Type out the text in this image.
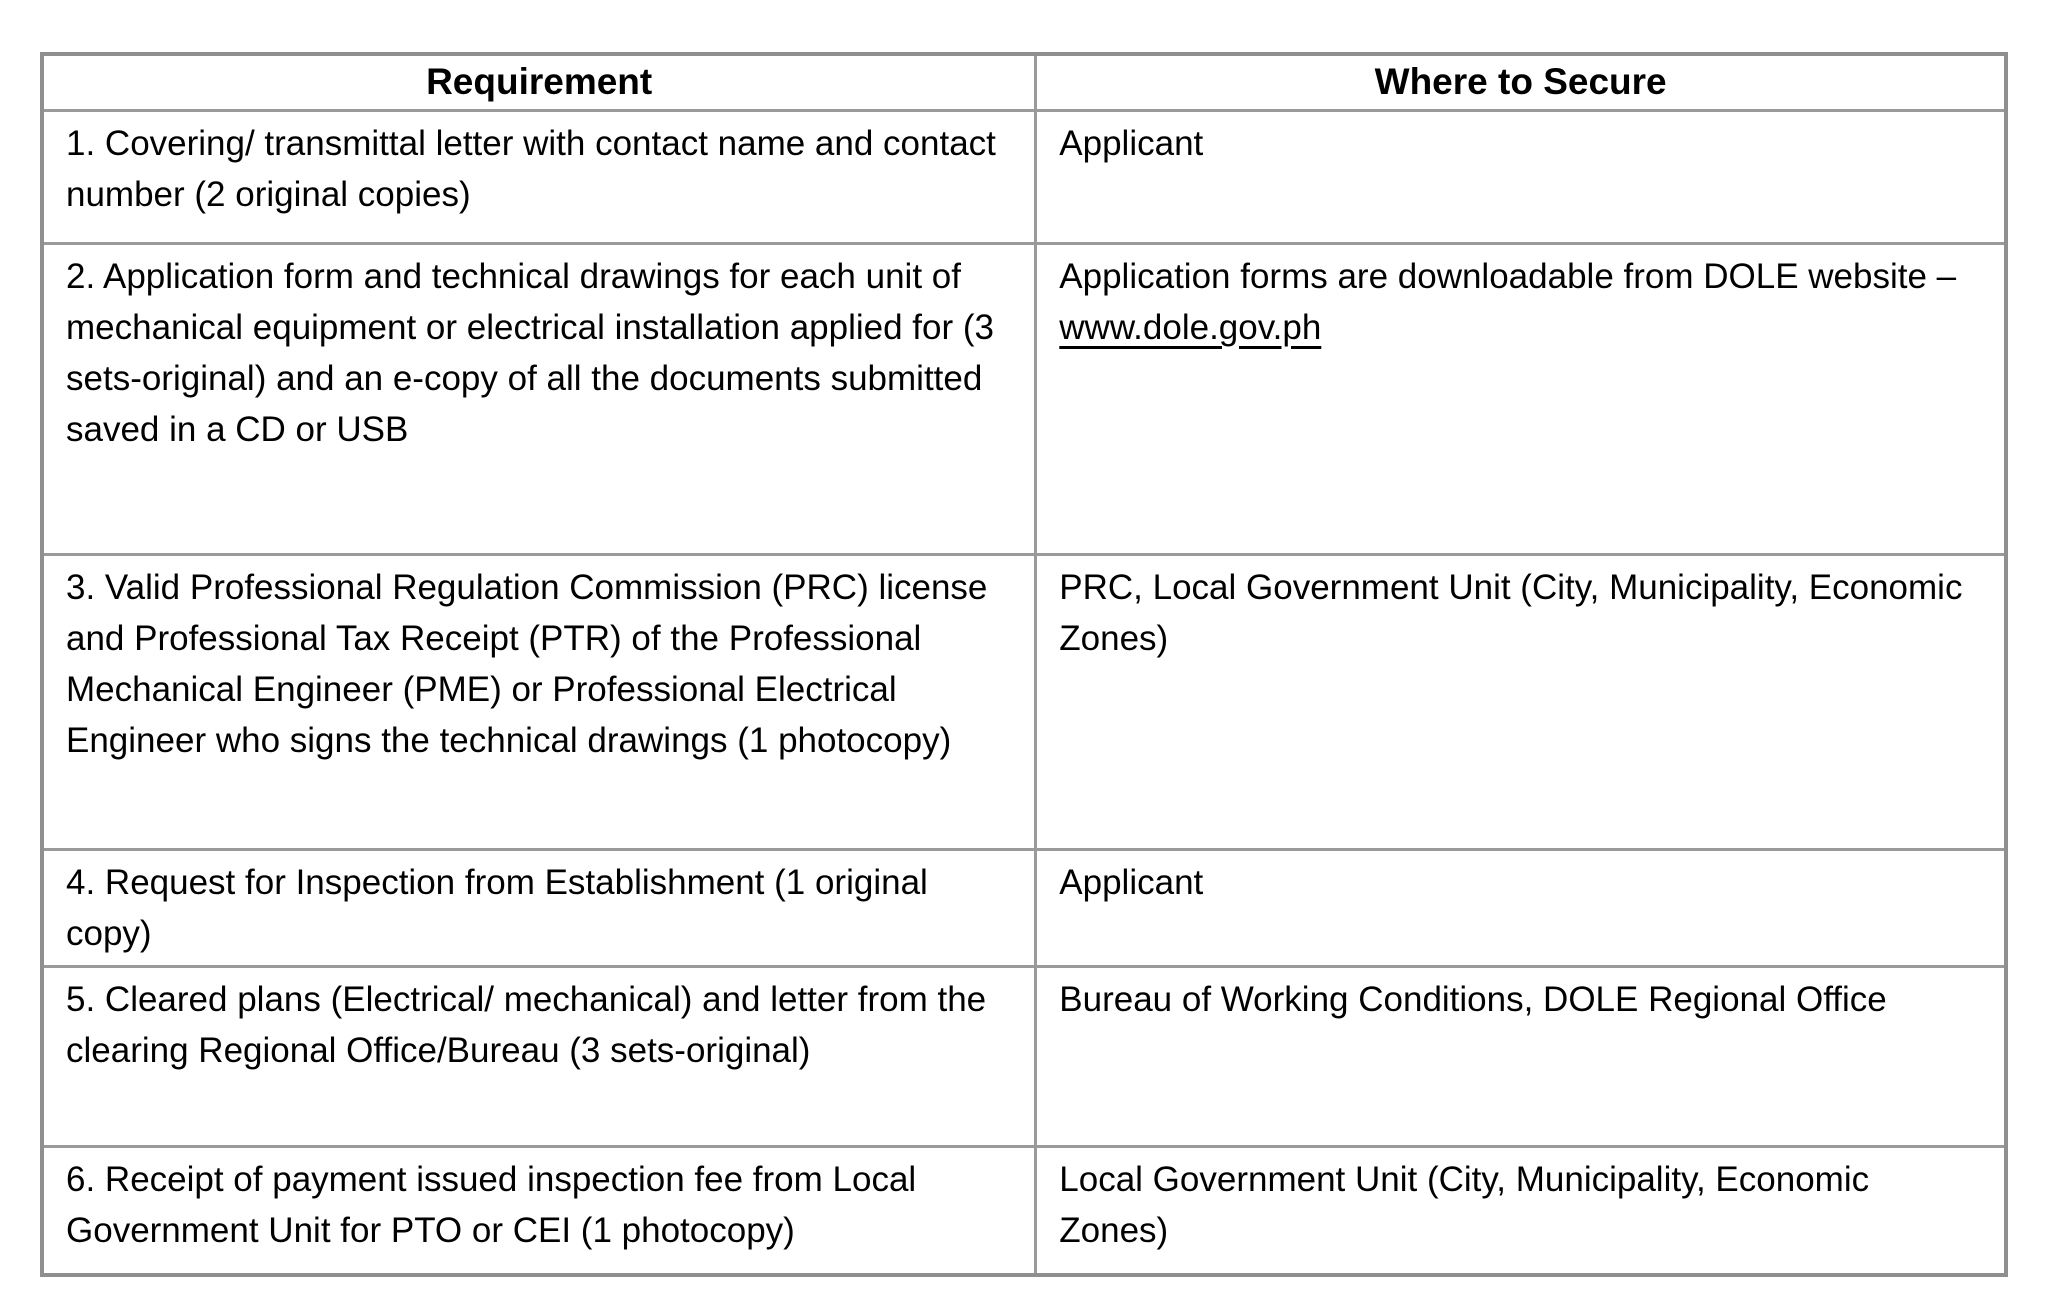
Requirement	Where to Secure
1. Covering/ transmittal letter with contact name and contact number (2 original copies)	Applicant
2. Application form and technical drawings for each unit of  mechanical equipment or electrical installation applied for (3 sets-original) and an e-copy of all the documents submitted  saved in a CD or USB	Application forms are downloadable from DOLE website – www.dole.gov.ph
3. Valid Professional Regulation Commission (PRC) license and Professional Tax Receipt (PTR) of the Professional Mechanical Engineer (PME) or Professional Electrical Engineer who signs the technical drawings (1 photocopy)	PRC, Local Government Unit (City, Municipality, Economic Zones)
4. Request for Inspection from Establishment (1 original copy)	Applicant
5. Cleared plans (Electrical/ mechanical) and letter from the clearing Regional Office/Bureau (3 sets-original)	Bureau of Working Conditions, DOLE Regional Office
6. Receipt of payment issued inspection fee from Local Government Unit for PTO or CEI (1 photocopy)	Local Government Unit (City, Municipality, Economic Zones)
